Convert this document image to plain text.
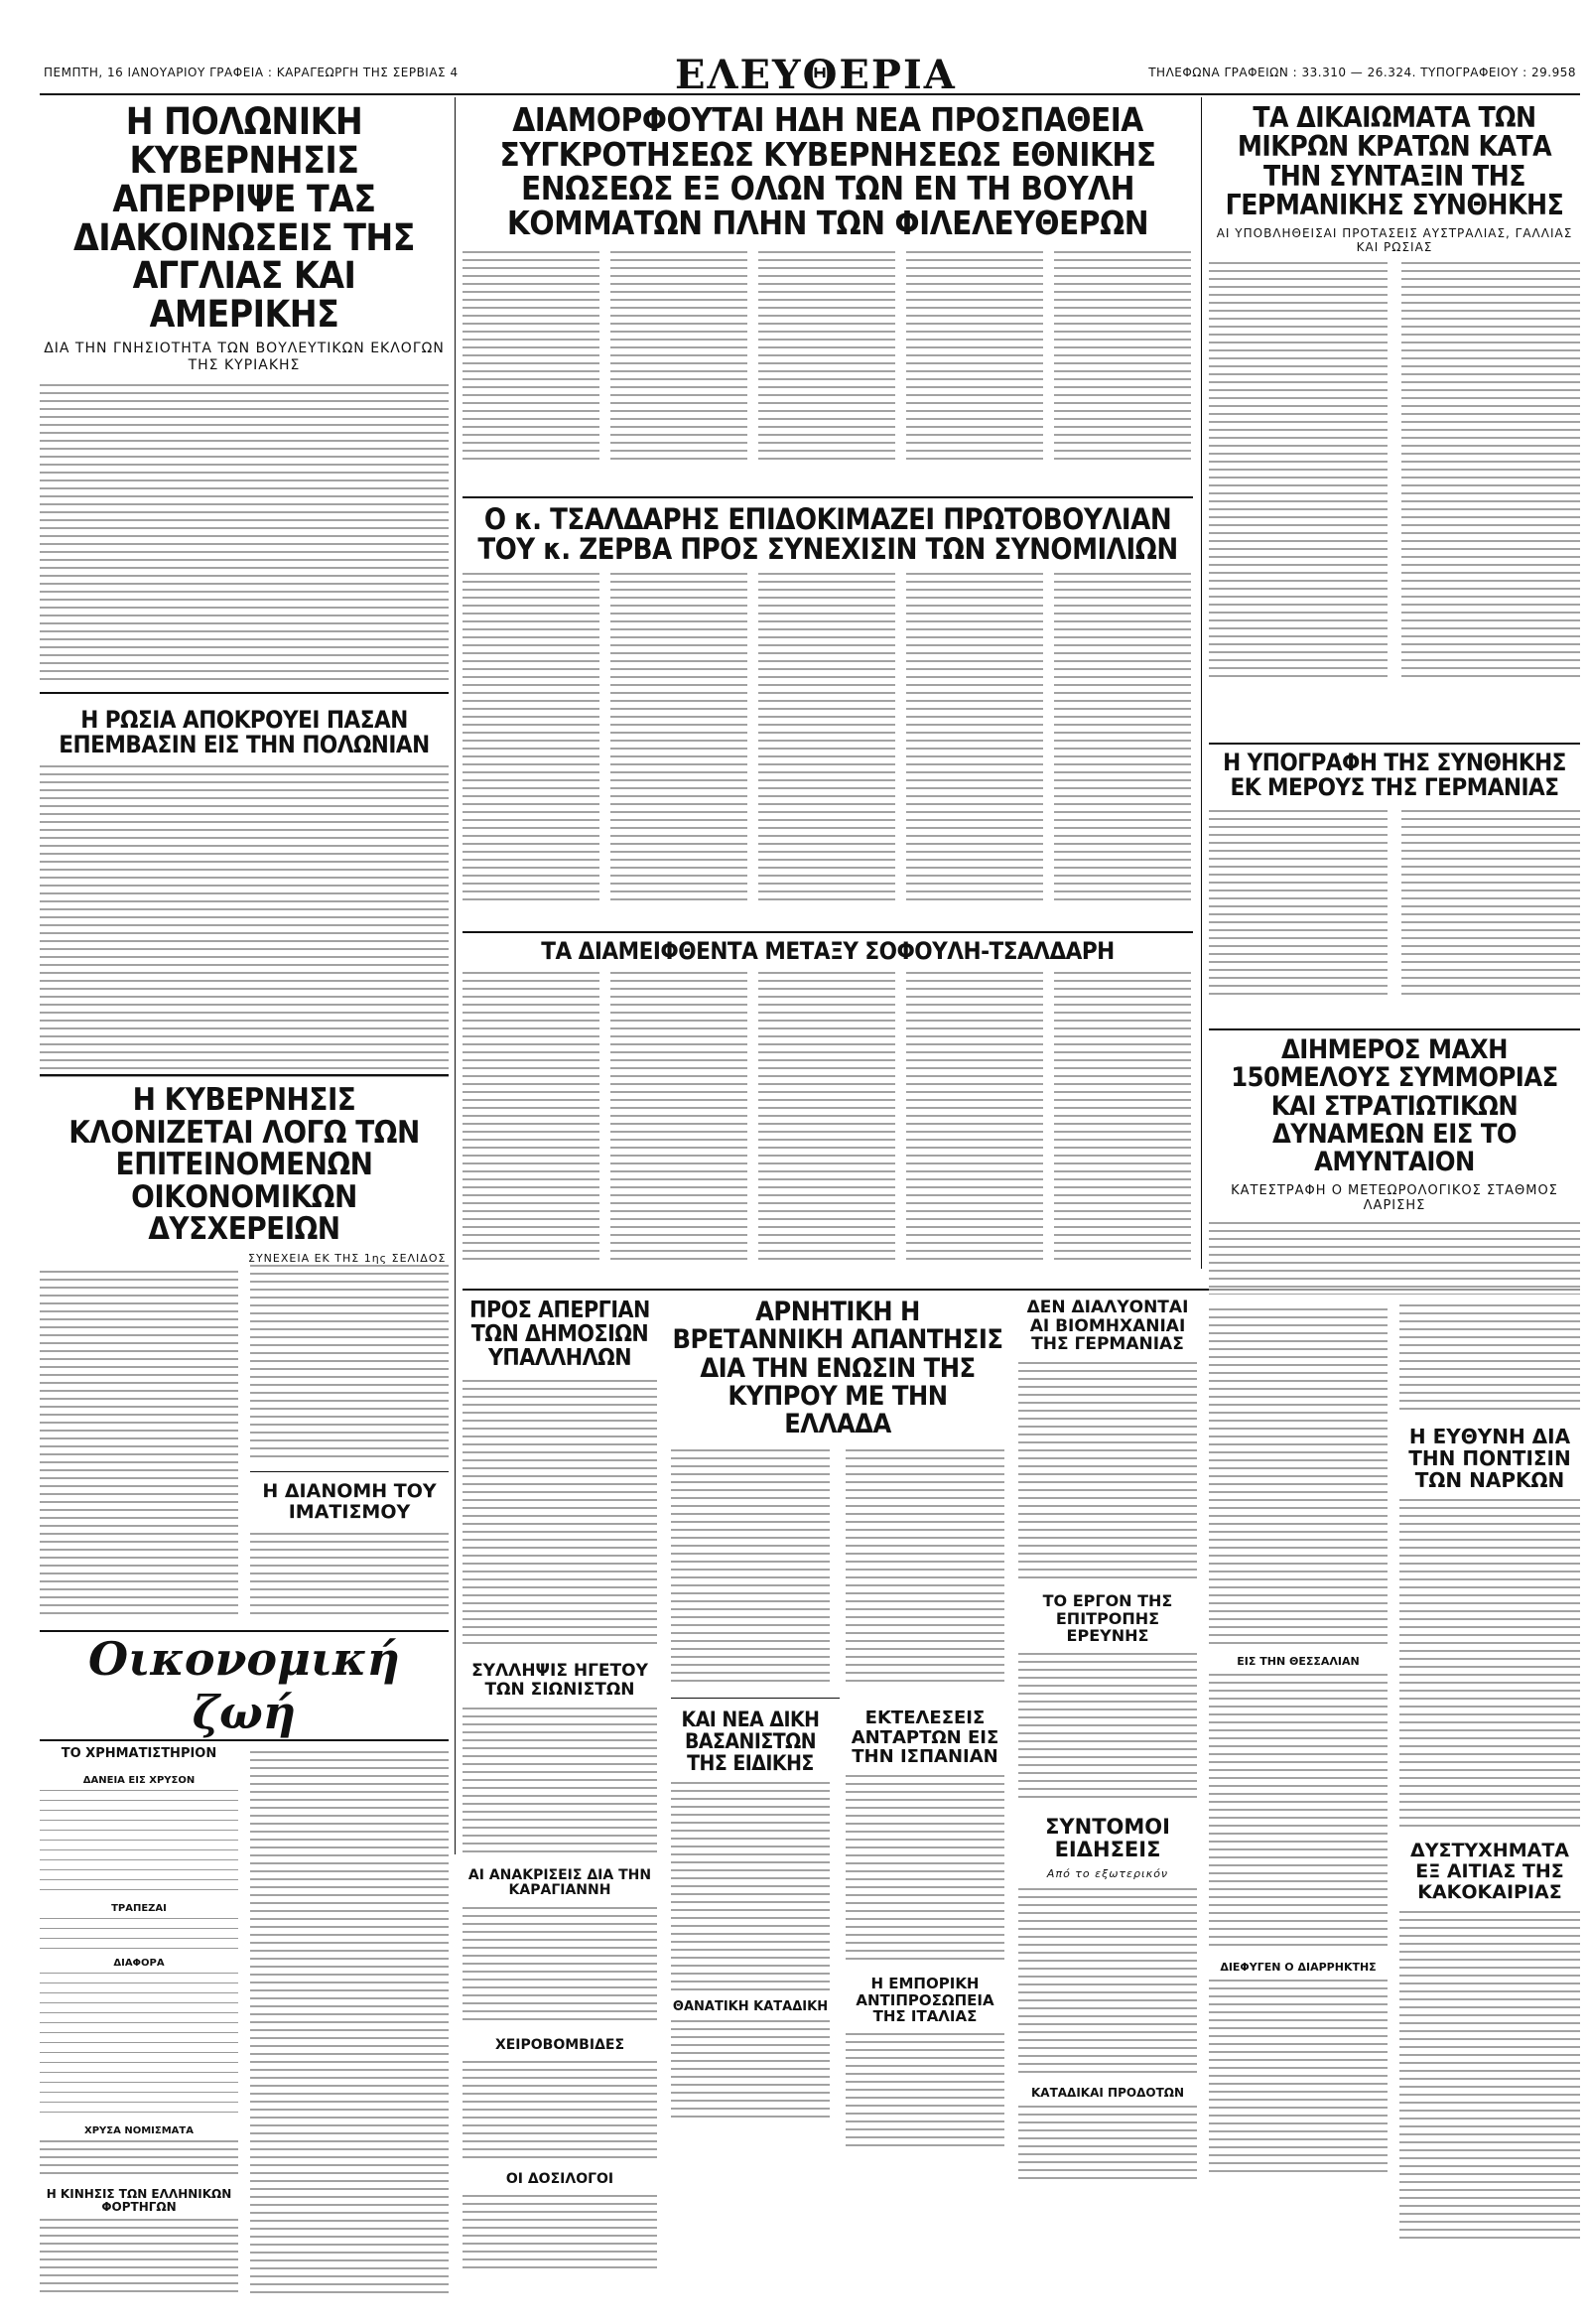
ΠΕΜΠΤΗ, 16 ΙΑΝΟΥΑΡΙΟΥ ΓΡΑΦΕΙΑ : ΚΑΡΑΓΕΩΡΓΗ ΤΗΣ ΣΕΡΒΙΑΣ 4	ΕΛΕΥΘΕΡΙΑ	ΤΗΛΕΦΩΝΑ ΓΡΑΦΕΙΩΝ : 33.310 — 26.324. ΤΥΠΟΓΡΑΦΕΙΟΥ : 29.958
Η ΠΟΛΩΝΙΚΗ ΚΥΒΕΡΝΗΣΙΣ ΑΠΕΡΡΙΨΕ ΤΑΣ ΔΙΑΚΟΙΝΩΣΕΙΣ ΤΗΣ ΑΓΓΛΙΑΣ ΚΑΙ ΑΜΕΡΙΚΗΣ
ΔΙΑ ΤΗΝ ΓΝΗΣΙΟΤΗΤΑ ΤΩΝ ΒΟΥΛΕΥΤΙΚΩΝ ΕΚΛΟΓΩΝ ΤΗΣ ΚΥΡΙΑΚΗΣ
Η ΡΩΣΙΑ ΑΠΟΚΡΟΥΕΙ ΠΑΣΑΝ ΕΠΕΜΒΑΣΙΝ ΕΙΣ ΤΗΝ ΠΟΛΩΝΙΑΝ
Η ΚΥΒΕΡΝΗΣΙΣ ΚΛΟΝΙΖΕΤΑΙ ΛΟΓΩ ΤΩΝ ΕΠΙΤΕΙΝΟΜΕΝΩΝ ΟΙΚΟΝΟΜΙΚΩΝ ΔΥΣΧΕΡΕΙΩΝ
ΣΥΝΕΧΕΙΑ ΕΚ ΤΗΣ 1ης ΣΕΛΙΔΟΣ
Η ΔΙΑΝΟΜΗ ΤΟΥ ΙΜΑΤΙΣΜΟΥ
Οικονομική ζωή
ΤΟ ΧΡΗΜΑΤΙΣΤΗΡΙΟΝ
ΔΑΝΕΙΑ ΕΙΣ ΧΡΥΣΟΝ
ΤΡΑΠΕΖΑΙ
ΔΙΑΦΟΡΑ
ΧΡΥΣΑ ΝΟΜΙΣΜΑΤΑ
Η ΚΙΝΗΣΙΣ ΤΩΝ ΕΛΛΗΝΙΚΩΝ ΦΟΡΤΗΓΩΝ
ΔΙΑΜΟΡΦΟΥΤΑΙ ΗΔΗ ΝΕΑ ΠΡΟΣΠΑΘΕΙΑ ΣΥΓΚΡΟΤΗΣΕΩΣ ΚΥΒΕΡΝΗΣΕΩΣ ΕΘΝΙΚΗΣ ΕΝΩΣΕΩΣ ΕΞ ΟΛΩΝ ΤΩΝ ΕΝ ΤΗ ΒΟΥΛΗ ΚΟΜΜΑΤΩΝ ΠΛΗΝ ΤΩΝ ΦΙΛΕΛΕΥΘΕΡΩΝ
Ο κ. ΤΣΑΛΔΑΡΗΣ ΕΠΙΔΟΚΙΜΑΖΕΙ ΠΡΩΤΟΒΟΥΛΙΑΝ ΤΟΥ κ. ΖΕΡΒΑ ΠΡΟΣ ΣΥΝΕΧΙΣΙΝ ΤΩΝ ΣΥΝΟΜΙΛΙΩΝ
ΤΑ ΔΙΑΜΕΙΦΘΕΝΤΑ ΜΕΤΑΞΥ ΣΟΦΟΥΛΗ-ΤΣΑΛΔΑΡΗ
ΠΡΟΣ ΑΠΕΡΓΙΑΝ ΤΩΝ ΔΗΜΟΣΙΩΝ ΥΠΑΛΛΗΛΩΝ
ΣΥΛΛΗΨΙΣ ΗΓΕΤΟΥ ΤΩΝ ΣΙΩΝΙΣΤΩΝ
ΑΙ ΑΝΑΚΡΙΣΕΙΣ ΔΙΑ ΤΗΝ ΚΑΡΑΓΙΑΝΝΗ
ΧΕΙΡΟΒΟΜΒΙΔΕΣ
ΟΙ ΔΟΣΙΛΟΓΟΙ
ΑΡΝΗΤΙΚΗ Η ΒΡΕΤΑΝΝΙΚΗ ΑΠΑΝΤΗΣΙΣ ΔΙΑ ΤΗΝ ΕΝΩΣΙΝ ΤΗΣ ΚΥΠΡΟΥ ΜΕ ΤΗΝ ΕΛΛΑΔΑ
ΚΑΙ ΝΕΑ ΔΙΚΗ ΒΑΣΑΝΙΣΤΩΝ ΤΗΣ ΕΙΔΙΚΗΣ
ΘΑΝΑΤΙΚΗ ΚΑΤΑΔΙΚΗ
ΕΚΤΕΛΕΣΕΙΣ ΑΝΤΑΡΤΩΝ ΕΙΣ ΤΗΝ ΙΣΠΑΝΙΑΝ
Η ΕΜΠΟΡΙΚΗ ΑΝΤΙΠΡΟΣΩΠΕΙΑ ΤΗΣ ΙΤΑΛΙΑΣ
ΔΕΝ ΔΙΑΛΥΟΝΤΑΙ ΑΙ ΒΙΟΜΗΧΑΝΙΑΙ ΤΗΣ ΓΕΡΜΑΝΙΑΣ
ΤΟ ΕΡΓΟΝ ΤΗΣ ΕΠΙΤΡΟΠΗΣ ΕΡΕΥΝΗΣ
ΣΥΝΤΟΜΟΙ ΕΙΔΗΣΕΙΣ
Από το εξωτερικόν
ΚΑΤΑΔΙΚΑΙ ΠΡΟΔΟΤΩΝ
ΤΑ ΔΙΚΑΙΩΜΑΤΑ ΤΩΝ ΜΙΚΡΩΝ ΚΡΑΤΩΝ ΚΑΤΑ ΤΗΝ ΣΥΝΤΑΞΙΝ ΤΗΣ ΓΕΡΜΑΝΙΚΗΣ ΣΥΝΘΗΚΗΣ
ΑΙ ΥΠΟΒΛΗΘΕΙΣΑΙ ΠΡΟΤΑΣΕΙΣ ΑΥΣΤΡΑΛΙΑΣ, ΓΑΛΛΙΑΣ ΚΑΙ ΡΩΣΙΑΣ
Η ΥΠΟΓΡΑΦΗ ΤΗΣ ΣΥΝΘΗΚΗΣ ΕΚ ΜΕΡΟΥΣ ΤΗΣ ΓΕΡΜΑΝΙΑΣ
ΔΙΗΜΕΡΟΣ ΜΑΧΗ 150ΜΕΛΟΥΣ ΣΥΜΜΟΡΙΑΣ ΚΑΙ ΣΤΡΑΤΙΩΤΙΚΩΝ ΔΥΝΑΜΕΩΝ ΕΙΣ ΤΟ ΑΜΥΝΤΑΙΟΝ
ΚΑΤΕΣΤΡΑΦΗ Ο ΜΕΤΕΩΡΟΛΟΓΙΚΟΣ ΣΤΑΘΜΟΣ ΛΑΡΙΣΗΣ
ΕΙΣ ΤΗΝ ΘΕΣΣΑΛΙΑΝ
ΔΙΕΦΥΓΕΝ Ο ΔΙΑΡΡΗΚΤΗΣ
Η ΕΥΘΥΝΗ ΔΙΑ ΤΗΝ ΠΟΝΤΙΣΙΝ ΤΩΝ ΝΑΡΚΩΝ
ΔΥΣΤΥΧΗΜΑΤΑ ΕΞ ΑΙΤΙΑΣ ΤΗΣ ΚΑΚΟΚΑΙΡΙΑΣ
